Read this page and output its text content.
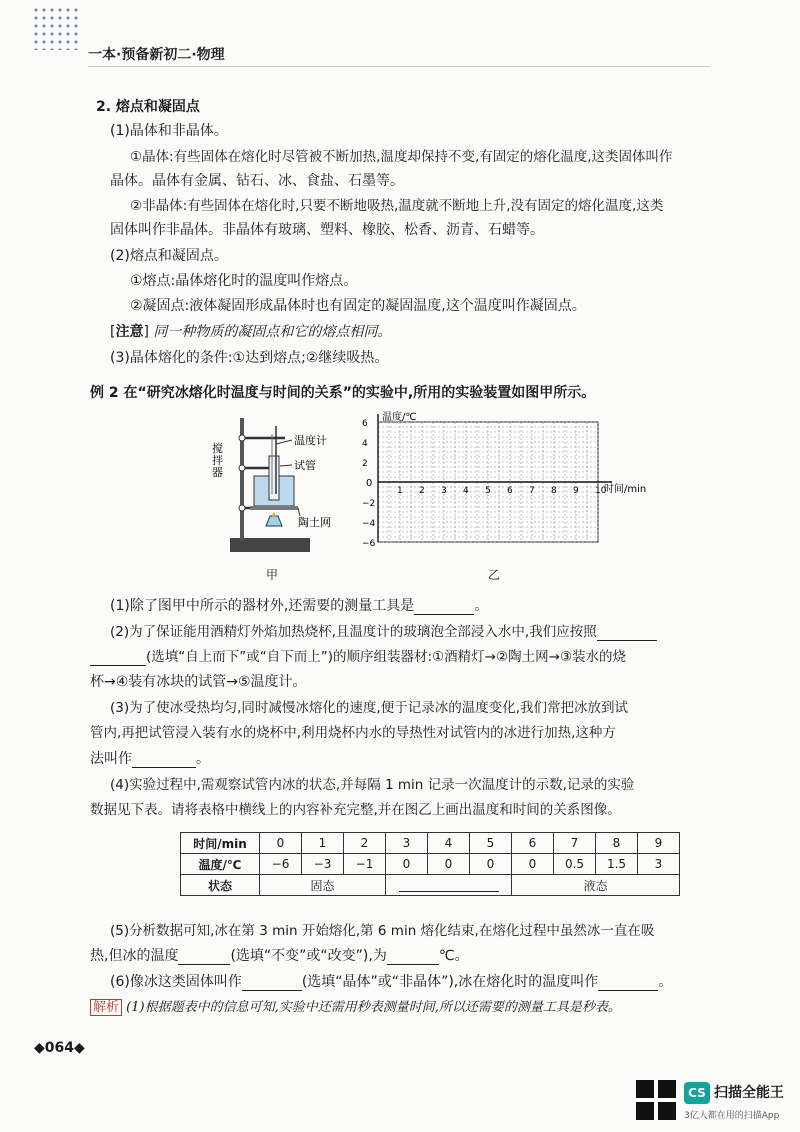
一本·预备新初二·物理
2. 熔点和凝固点
(1)晶体和非晶体。
①晶体:有些固体在熔化时尽管被不断加热,温度却保持不变,有固定的熔化温度,这类固体叫作
晶体。晶体有金属、钻石、冰、食盐、石墨等。
②非晶体:有些固体在熔化时,只要不断地吸热,温度就不断地上升,没有固定的熔化温度,这类
固体叫作非晶体。非晶体有玻璃、塑料、橡胶、松香、沥青、石蜡等。
(2)熔点和凝固点。
①熔点:晶体熔化时的温度叫作熔点。
②凝固点:液体凝固形成晶体时也有固定的凝固温度,这个温度叫作凝固点。
[注意] 同一种物质的凝固点和它的熔点相同。
(3)晶体熔化的条件:①达到熔点;②继续吸热。
例 2 在“研究冰熔化时温度与时间的关系”的实验中,所用的实验装置如图甲所示。
搅
拌
器
温度计
试管
陶土网
甲
温度/℃
时间/min
0
1 2 3 4 5 6 7 8 9 10
6
4
2
−2
−4
−6
乙
(1)除了图甲中所示的器材外,还需要的测量工具是	。
(2)为了保证能用酒精灯外焰加热烧杯,且温度计的玻璃泡全部浸入水中,我们应按照
(选填“自上而下”或“自下而上”)的顺序组装器材:①酒精灯→②陶土网→③装水的烧
杯→④装有冰块的试管→⑤温度计。
(3)为了使冰受热均匀,同时减慢冰熔化的速度,便于记录冰的温度变化,我们常把冰放到试
管内,再把试管浸入装有水的烧杯中,利用烧杯内水的导热性对试管内的冰进行加热,这种方
法叫作	。
(4)实验过程中,需观察试管内冰的状态,并每隔 1 min 记录一次温度计的示数,记录的实验
数据见下表。请将表格中横线上的内容补充完整,并在图乙上画出温度和时间的关系图像。
时间/min	0	1	2	3	4	5	6	7	8	9
温度/℃	−6	−3	−1	0	0	0	0	0.5	1.5	3
状态	固态						液态			
(5)分析数据可知,冰在第 3 min 开始熔化,第 6 min 熔化结束,在熔化过程中虽然冰一直在吸
热,但冰的温度	(选填“不变”或“改变”),为	℃。
(6)像冰这类固体叫作	(选填“晶体”或“非晶体”),冰在熔化时的温度叫作	。
解析 (1)根据题表中的信息可知,实验中还需用秒表测量时间,所以还需要的测量工具是秒表。
◆064◆
CS 扫描全能王
3亿人都在用的扫描App
